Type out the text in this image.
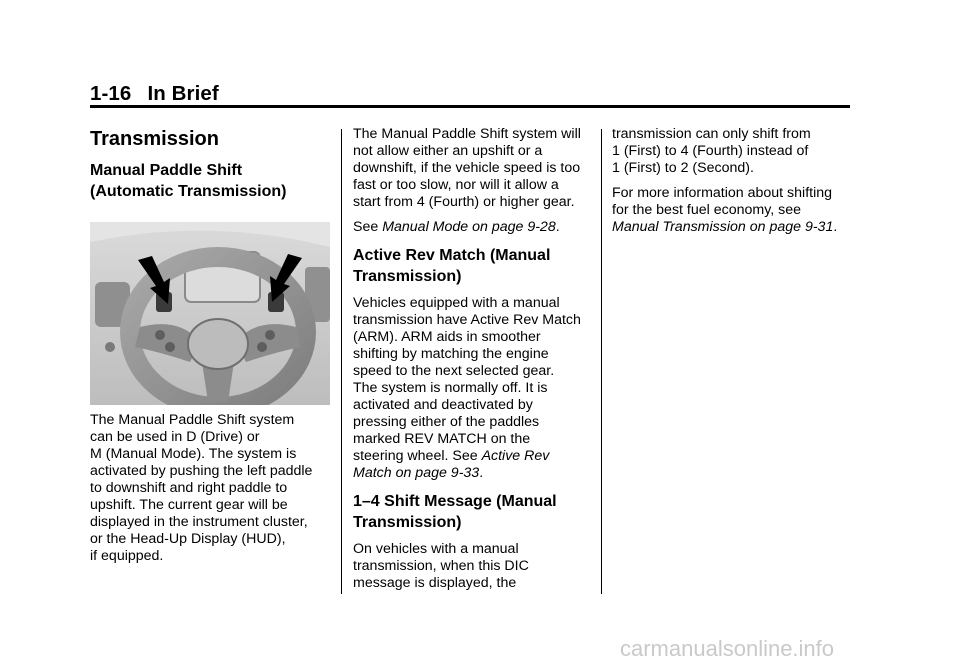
1-16 In Brief
Transmission

Manual Paddle Shift
(Automatic Transmission)

The Manual Paddle Shift system
can be used in D (Drive) or
M (Manual Mode). The system is
activated by pushing the left paddle
to downshift and right paddle to
upshift. The current gear will be
displayed in the instrument cluster,
or the Head-Up Display (HUD),
if equipped.

The Manual Paddle Shift system will
not allow either an upshift or a
downshift, if the vehicle speed is too
fast or too slow, nor will it allow a
start from 4 (Fourth) or higher gear.

See Manual Mode on page 9-28.

Active Rev Match (Manual
Transmission)

Vehicles equipped with a manual
transmission have Active Rev Match
(ARM). ARM aids in smoother
shifting by matching the engine
speed to the next selected gear.
The system is normally off. It is
activated and deactivated by
pressing either of the paddles
marked REV MATCH on the
steering wheel. See Active Rev
Match on page 9-33.

1–4 Shift Message (Manual
Transmission)

On vehicles with a manual
transmission, when this DIC
message is displayed, the

transmission can only shift from
1 (First) to 4 (Fourth) instead of
1 (First) to 2 (Second).

For more information about shifting
for the best fuel economy, see
Manual Transmission on page 9-31.

carmanualsonline.info
